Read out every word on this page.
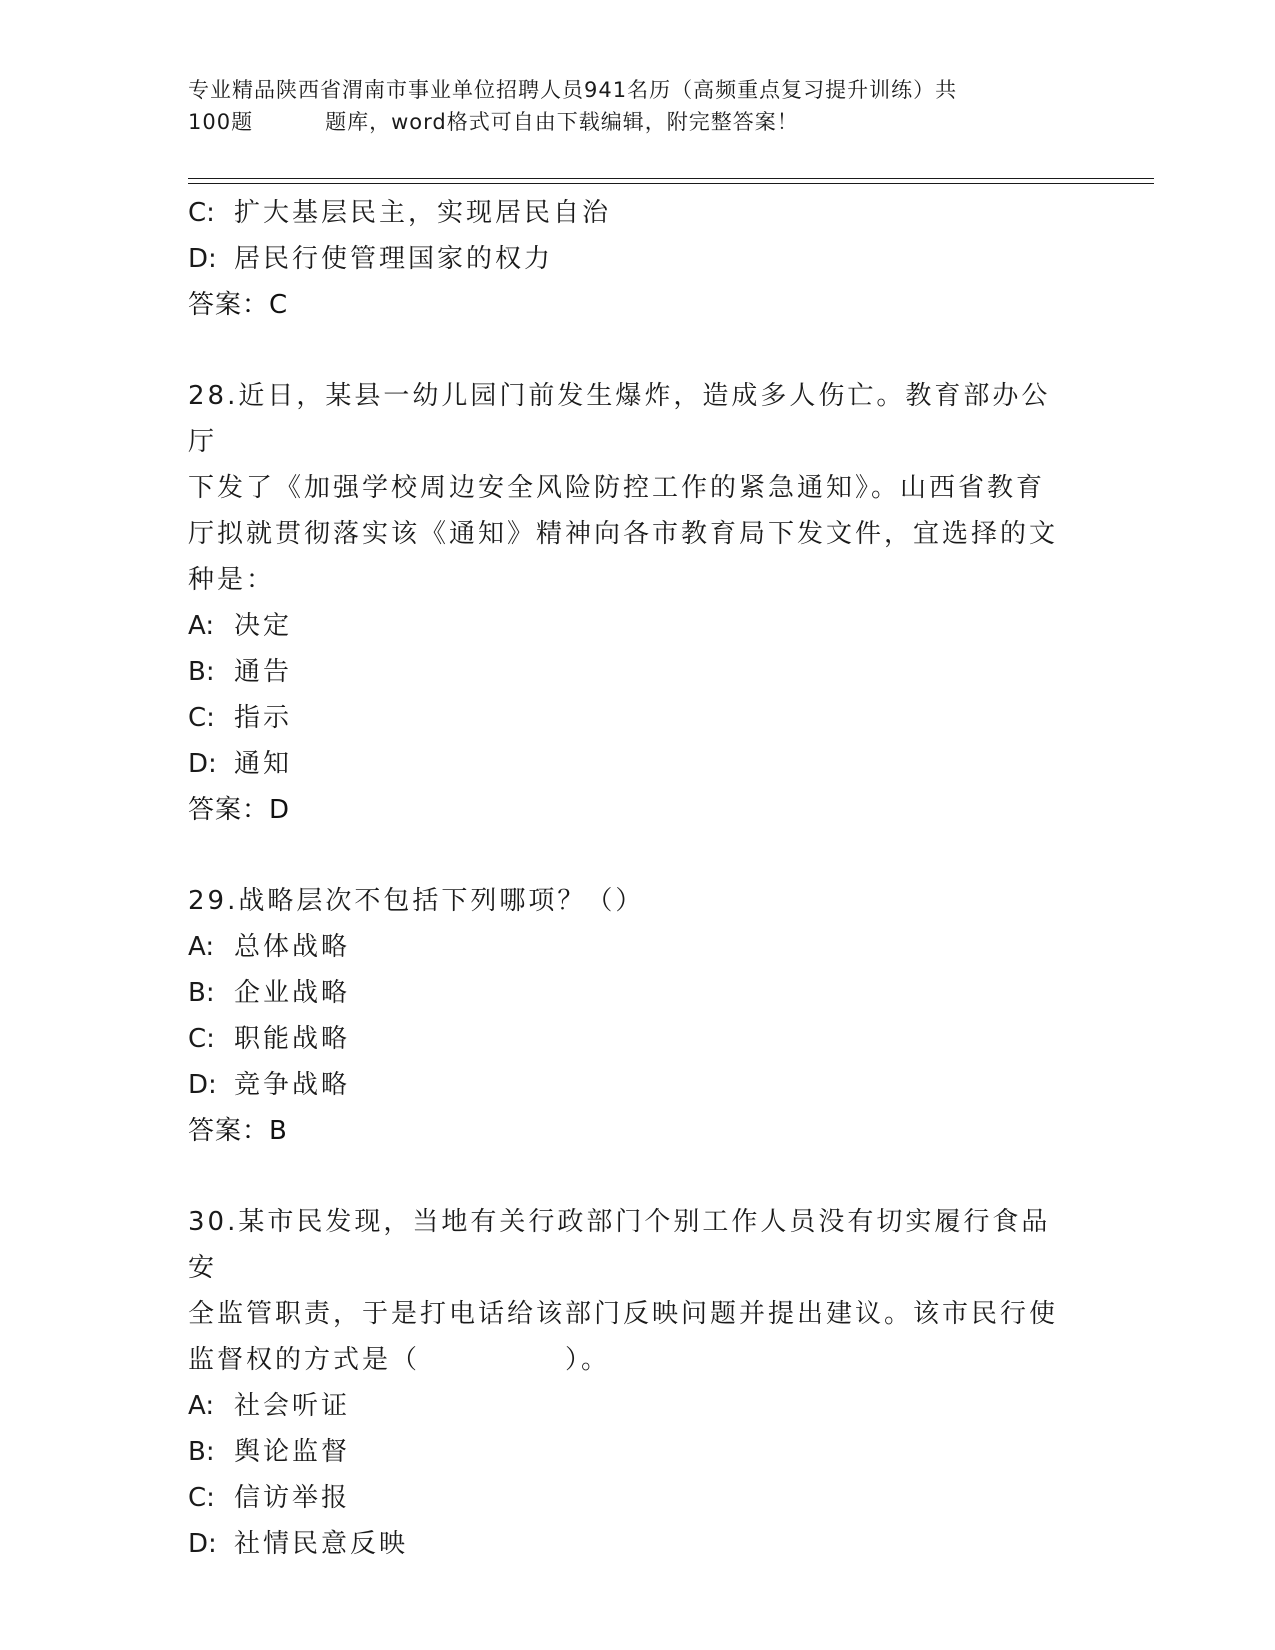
专业精品陕西省渭南市事业单位招聘人员941名历（高频重点复习提升训练）共
100题	题库，word格式可自由下载编辑，附完整答案！
C: 扩大基层民主，实现居民自治
D: 居民行使管理国家的权力
答案：C
28.近日，某县一幼儿园门前发生爆炸，造成多人伤亡。教育部办公厅
下发了《加强学校周边安全风险防控工作的紧急通知》。山西省教育
厅拟就贯彻落实该《通知》精神向各市教育局下发文件，宜选择的文
种是：
A: 决定
B: 通告
C: 指示
D: 通知
答案：D
29.战略层次不包括下列哪项？（）
A: 总体战略
B: 企业战略
C: 职能战略
D: 竞争战略
答案：B
30.某市民发现，当地有关行政部门个别工作人员没有切实履行食品安
全监管职责，于是打电话给该部门反映问题并提出建议。该市民行使
监督权的方式是（　　　　　）。
A: 社会听证
B: 舆论监督
C: 信访举报
D: 社情民意反映
